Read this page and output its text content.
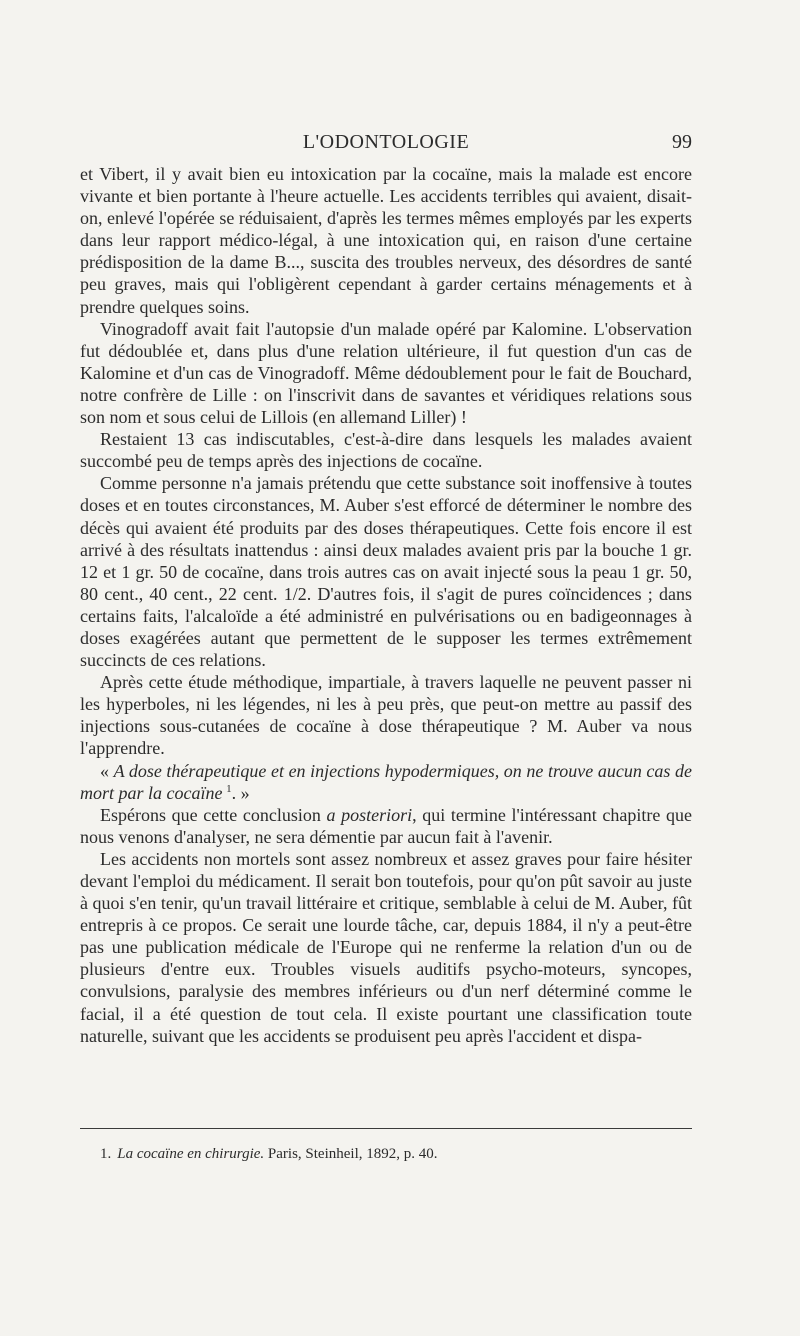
L'ODONTOLOGIE	99

et Vibert, il y avait bien eu intoxication par la cocaïne, mais la malade est encore vivante et bien portante à l'heure actuelle. Les accidents terribles qui avaient, disait-on, enlevé l'opérée se réduisaient, d'après les termes mêmes employés par les experts dans leur rapport médico-légal, à une intoxication qui, en raison d'une certaine prédisposition de la dame B..., suscita des troubles nerveux, des désordres de santé peu graves, mais qui l'obligèrent cependant à garder certains ménagements et à prendre quelques soins.

Vinogradoff avait fait l'autopsie d'un malade opéré par Kalomine. L'observation fut dédoublée et, dans plus d'une relation ultérieure, il fut question d'un cas de Kalomine et d'un cas de Vinogradoff. Même dédoublement pour le fait de Bouchard, notre confrère de Lille : on l'inscrivit dans de savantes et véridiques relations sous son nom et sous celui de Lillois (en allemand Liller) !

Restaient 13 cas indiscutables, c'est-à-dire dans lesquels les malades avaient succombé peu de temps après des injections de cocaïne.

Comme personne n'a jamais prétendu que cette substance soit inoffensive à toutes doses et en toutes circonstances, M. Auber s'est efforcé de déterminer le nombre des décès qui avaient été produits par des doses thérapeutiques. Cette fois encore il est arrivé à des résultats inattendus : ainsi deux malades avaient pris par la bouche 1 gr. 12 et 1 gr. 50 de cocaïne, dans trois autres cas on avait injecté sous la peau 1 gr. 50, 80 cent., 40 cent., 22 cent. 1/2. D'autres fois, il s'agit de pures coïncidences ; dans certains faits, l'alcaloïde a été administré en pulvérisations ou en badigeonnages à doses exagérées autant que permettent de le supposer les termes extrêmement succincts de ces relations.

Après cette étude méthodique, impartiale, à travers laquelle ne peuvent passer ni les hyperboles, ni les légendes, ni les à peu près, que peut-on mettre au passif des injections sous-cutanées de cocaïne à dose thérapeutique ? M. Auber va nous l'apprendre.

« A dose thérapeutique et en injections hypodermiques, on ne trouve aucun cas de mort par la cocaïne  $^1$. »

Espérons que cette conclusion a posteriori, qui termine l'intéressant chapitre que nous venons d'analyser, ne sera démentie par aucun fait à l'avenir.

Les accidents non mortels sont assez nombreux et assez graves pour faire hésiter devant l'emploi du médicament. Il serait bon toutefois, pour qu'on pût savoir au juste à quoi s'en tenir, qu'un travail littéraire et critique, semblable à celui de M. Auber, fût entrepris à ce propos. Ce serait une lourde tâche, car, depuis 1884, il n'y a peut-être pas une publication médicale de l'Europe qui ne renferme la relation d'un ou de plusieurs d'entre eux. Troubles visuels auditifs psycho-moteurs, syncopes, convulsions, paralysie des membres inférieurs ou d'un nerf déterminé comme le facial, il a été question de tout cela. Il existe pourtant une classification toute naturelle, suivant que les accidents se produisent peu après l'accident et dispa-

1. La cocaïne en chirurgie. Paris, Steinheil, 1892, p. 40.
